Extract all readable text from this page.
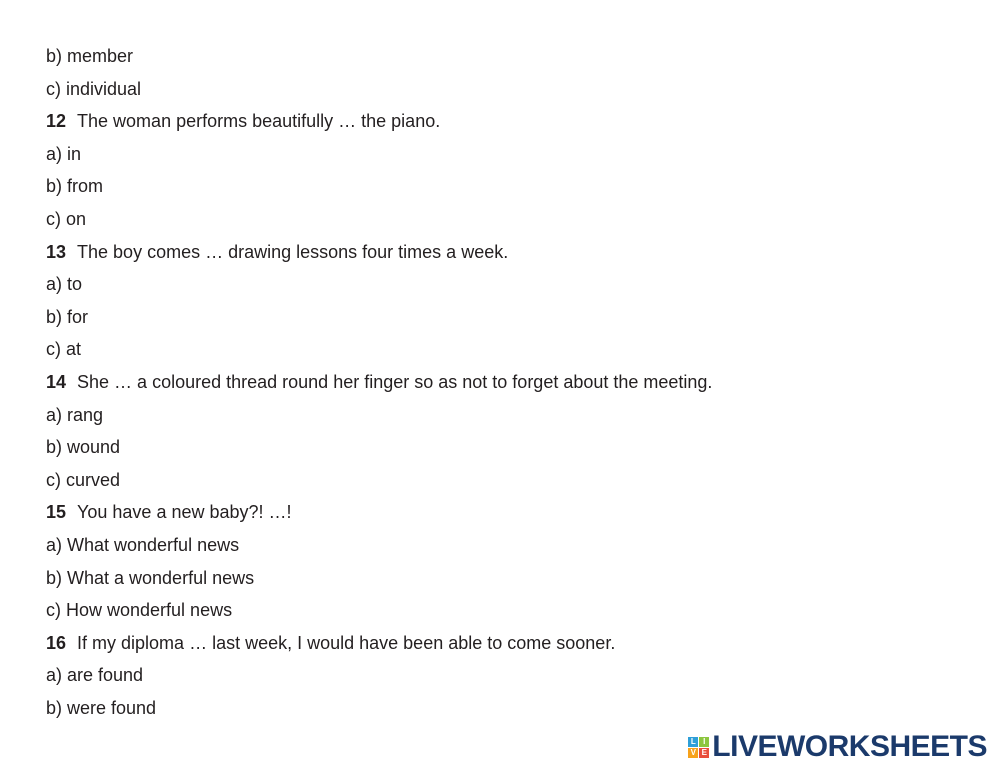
b) member
c) individual
12 The woman performs beautifully … the piano.
a) in
b) from
c) on
13 The boy comes … drawing lessons four times a week.
a) to
b) for
c) at
14 She … a coloured thread round her finger so as not to forget about the meeting.
a) rang
b) wound
c) curved
15 You have a new baby?! …!
a) What wonderful news
b) What a wonderful news
c) How wonderful news
16 If my diploma … last week, I would have been able to come sooner.
a) are found
b) were found
L I
V E LIVEWORKSHEETS
